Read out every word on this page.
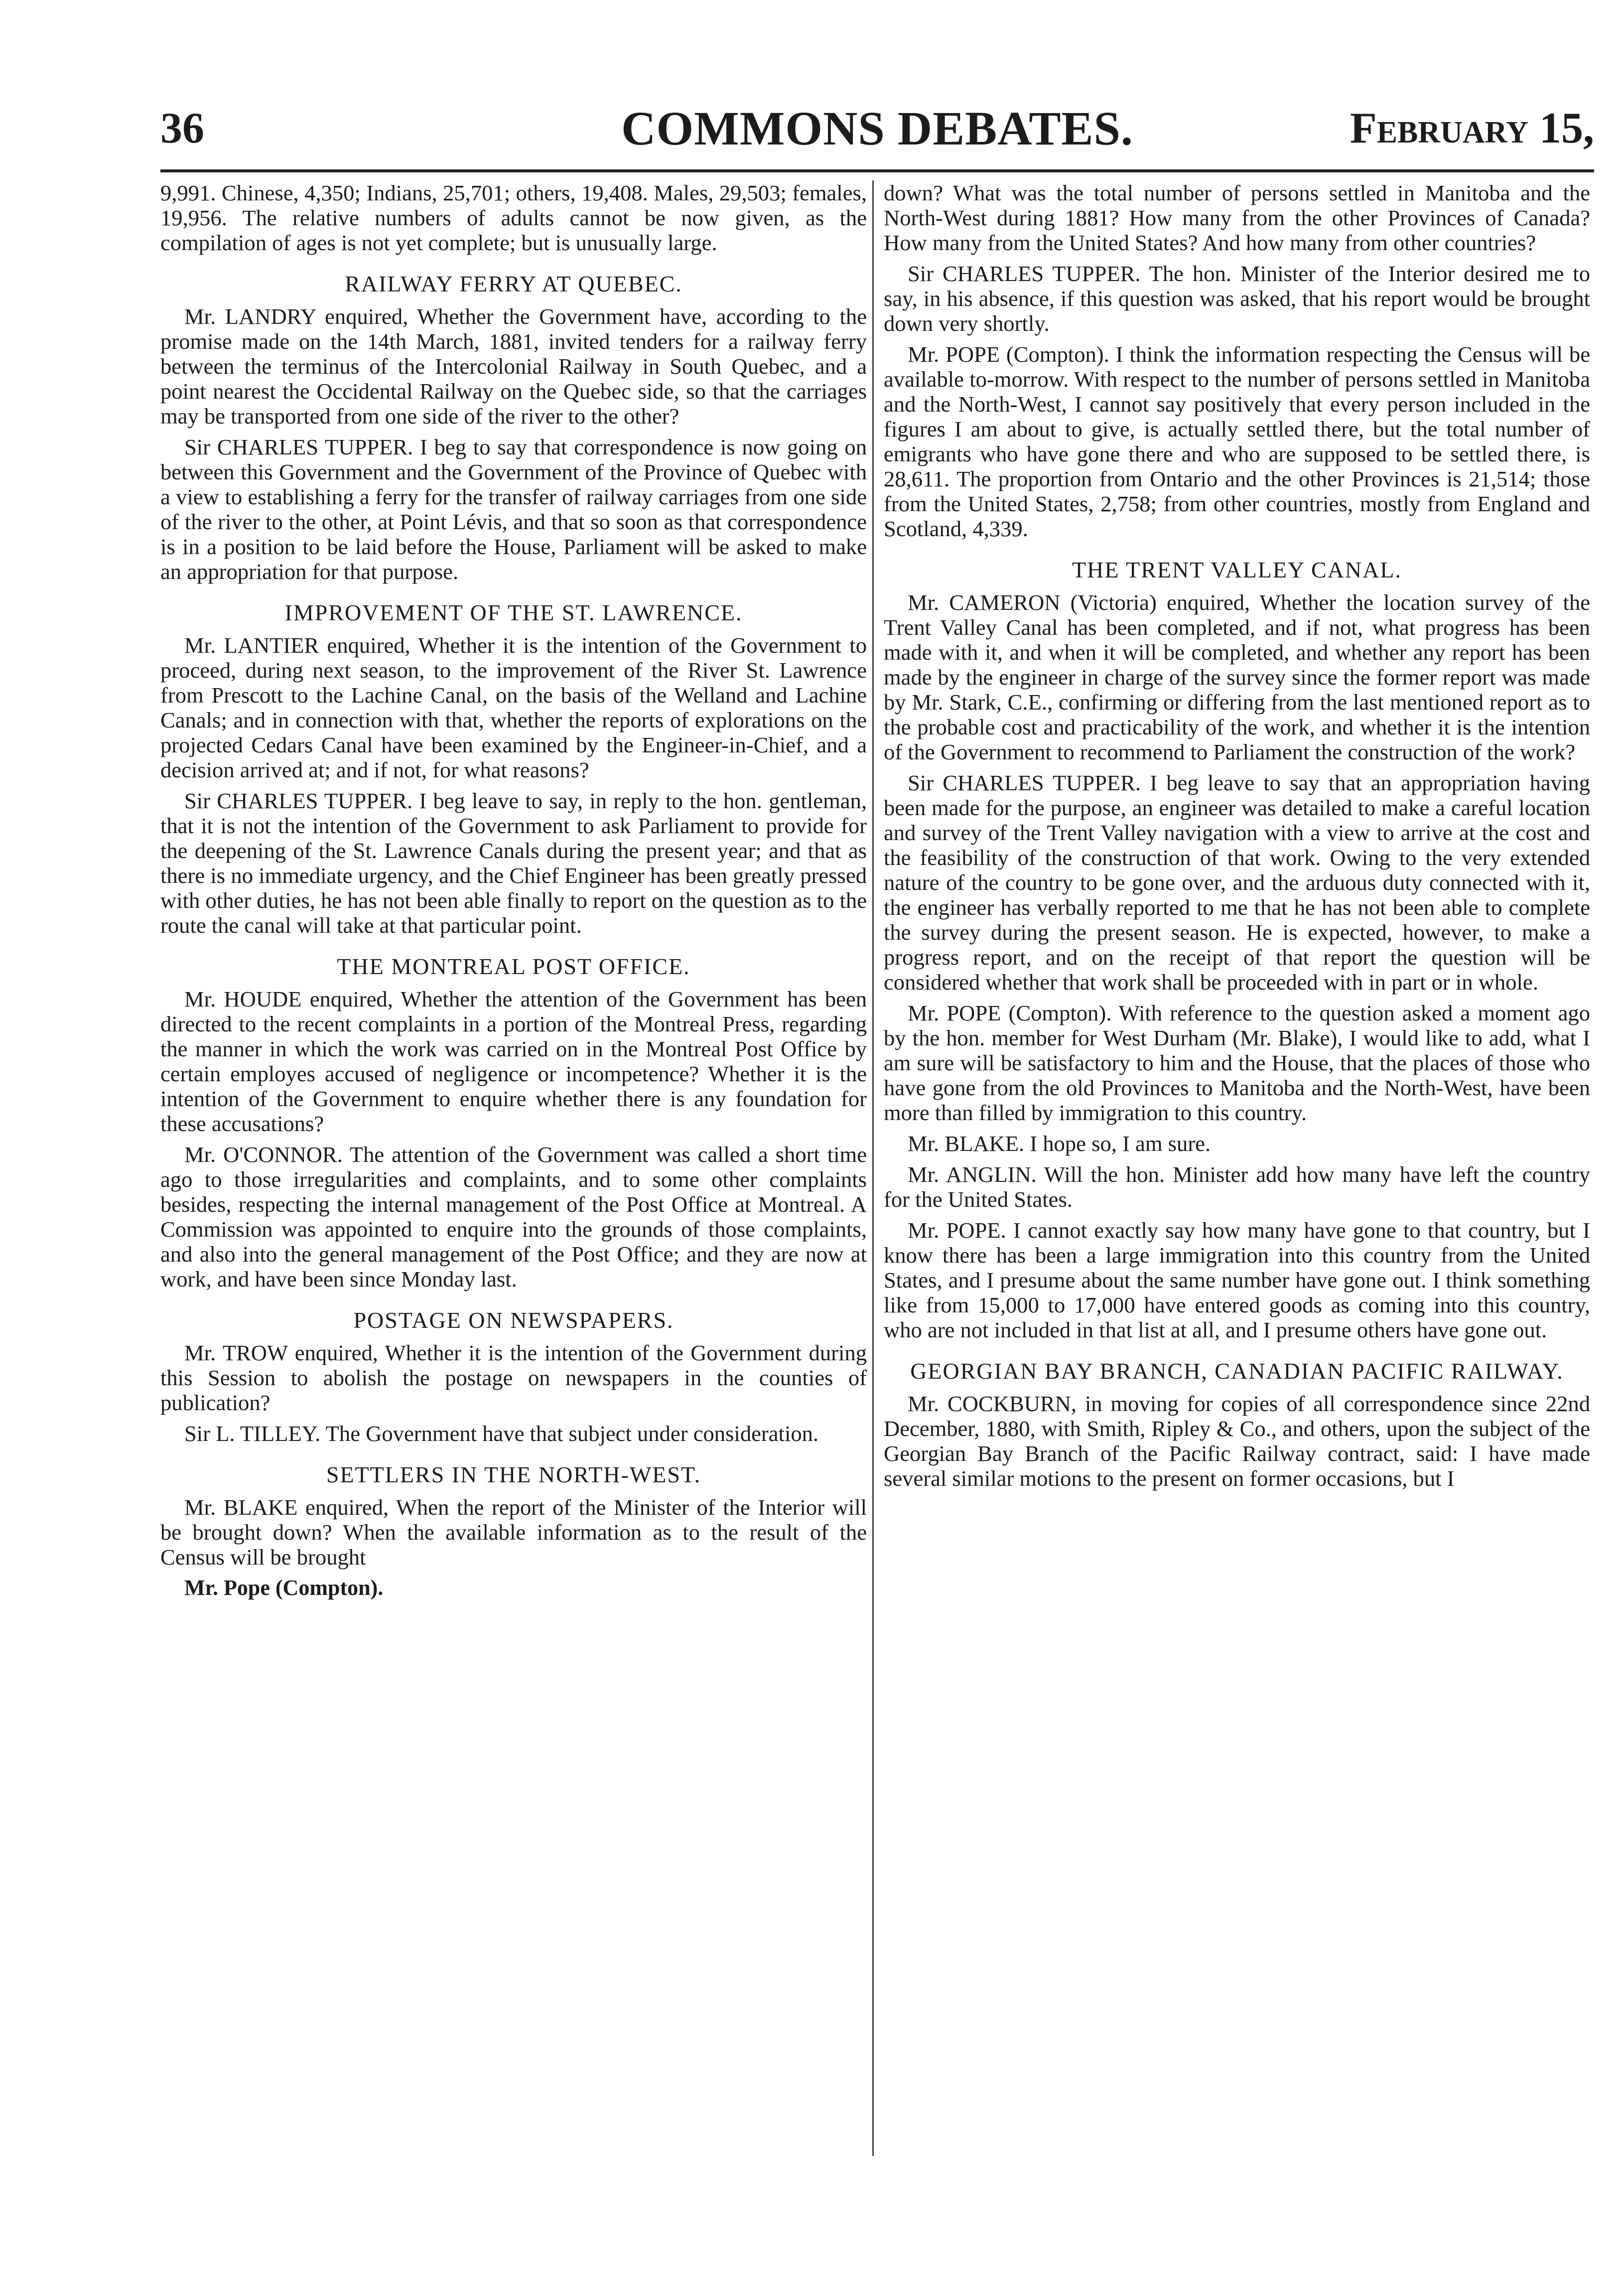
36	COMMONS DEBATES.	February 15,

9,991. Chinese, 4,350; Indians, 25,701; others, 19,408. Males, 29,503; females, 19,956. The relative numbers of adults cannot be now given, as the compilation of ages is not yet complete; but is unusually large.

RAILWAY FERRY AT QUEBEC.

Mr. LANDRY enquired, Whether the Government have, according to the promise made on the 14th March, 1881, invited tenders for a railway ferry between the terminus of the Intercolonial Railway in South Quebec, and a point nearest the Occidental Railway on the Quebec side, so that the carriages may be transported from one side of the river to the other?

Sir CHARLES TUPPER. I beg to say that correspondence is now going on between this Government and the Government of the Province of Quebec with a view to establishing a ferry for the transfer of railway carriages from one side of the river to the other, at Point Lévis, and that so soon as that correspondence is in a position to be laid before the House, Parliament will be asked to make an appropriation for that purpose.

IMPROVEMENT OF THE ST. LAWRENCE.

Mr. LANTIER enquired, Whether it is the intention of the Government to proceed, during next season, to the improvement of the River St. Lawrence from Prescott to the Lachine Canal, on the basis of the Welland and Lachine Canals; and in connection with that, whether the reports of explorations on the projected Cedars Canal have been examined by the Engineer-in-Chief, and a decision arrived at; and if not, for what reasons?

Sir CHARLES TUPPER. I beg leave to say, in reply to the hon. gentleman, that it is not the intention of the Government to ask Parliament to provide for the deepening of the St. Lawrence Canals during the present year; and that as there is no immediate urgency, and the Chief Engineer has been greatly pressed with other duties, he has not been able finally to report on the question as to the route the canal will take at that particular point.

THE MONTREAL POST OFFICE.

Mr. HOUDE enquired, Whether the attention of the Government has been directed to the recent complaints in a portion of the Montreal Press, regarding the manner in which the work was carried on in the Montreal Post Office by certain employes accused of negligence or incompetence? Whether it is the intention of the Government to enquire whether there is any foundation for these accusations?

Mr. O'CONNOR. The attention of the Government was called a short time ago to those irregularities and complaints, and to some other complaints besides, respecting the internal management of the Post Office at Montreal. A Commission was appointed to enquire into the grounds of those complaints, and also into the general management of the Post Office; and they are now at work, and have been since Monday last.

POSTAGE ON NEWSPAPERS.

Mr. TROW enquired, Whether it is the intention of the Government during this Session to abolish the postage on newspapers in the counties of publication?

Sir L. TILLEY. The Government have that subject under consideration.

SETTLERS IN THE NORTH-WEST.

Mr. BLAKE enquired, When the report of the Minister of the Interior will be brought down? When the available information as to the result of the Census will be brought

Mr. Pope (Compton).

down? What was the total number of persons settled in Manitoba and the North-West during 1881? How many from the other Provinces of Canada? How many from the United States? And how many from other countries?

Sir CHARLES TUPPER. The hon. Minister of the Interior desired me to say, in his absence, if this question was asked, that his report would be brought down very shortly.

Mr. POPE (Compton). I think the information respecting the Census will be available to-morrow. With respect to the number of persons settled in Manitoba and the North-West, I cannot say positively that every person included in the figures I am about to give, is actually settled there, but the total number of emigrants who have gone there and who are supposed to be settled there, is 28,611. The proportion from Ontario and the other Provinces is 21,514; those from the United States, 2,758; from other countries, mostly from England and Scotland, 4,339.

THE TRENT VALLEY CANAL.

Mr. CAMERON (Victoria) enquired, Whether the location survey of the Trent Valley Canal has been completed, and if not, what progress has been made with it, and when it will be completed, and whether any report has been made by the engineer in charge of the survey since the former report was made by Mr. Stark, C.E., confirming or differing from the last mentioned report as to the probable cost and practicability of the work, and whether it is the intention of the Government to recommend to Parliament the construction of the work?

Sir CHARLES TUPPER. I beg leave to say that an appropriation having been made for the purpose, an engineer was detailed to make a careful location and survey of the Trent Valley navigation with a view to arrive at the cost and the feasibility of the construction of that work. Owing to the very extended nature of the country to be gone over, and the arduous duty connected with it, the engineer has verbally reported to me that he has not been able to complete the survey during the present season. He is expected, however, to make a progress report, and on the receipt of that report the question will be considered whether that work shall be proceeded with in part or in whole.

Mr. POPE (Compton). With reference to the question asked a moment ago by the hon. member for West Durham (Mr. Blake), I would like to add, what I am sure will be satisfactory to him and the House, that the places of those who have gone from the old Provinces to Manitoba and the North-West, have been more than filled by immigration to this country.

Mr. BLAKE. I hope so, I am sure.

Mr. ANGLIN. Will the hon. Minister add how many have left the country for the United States.

Mr. POPE. I cannot exactly say how many have gone to that country, but I know there has been a large immigration into this country from the United States, and I presume about the same number have gone out. I think something like from 15,000 to 17,000 have entered goods as coming into this country, who are not included in that list at all, and I presume others have gone out.

GEORGIAN BAY BRANCH, CANADIAN PACIFIC RAILWAY.

Mr. COCKBURN, in moving for copies of all correspondence since 22nd December, 1880, with Smith, Ripley & Co., and others, upon the subject of the Georgian Bay Branch of the Pacific Railway contract, said: I have made several similar motions to the present on former occasions, but I
